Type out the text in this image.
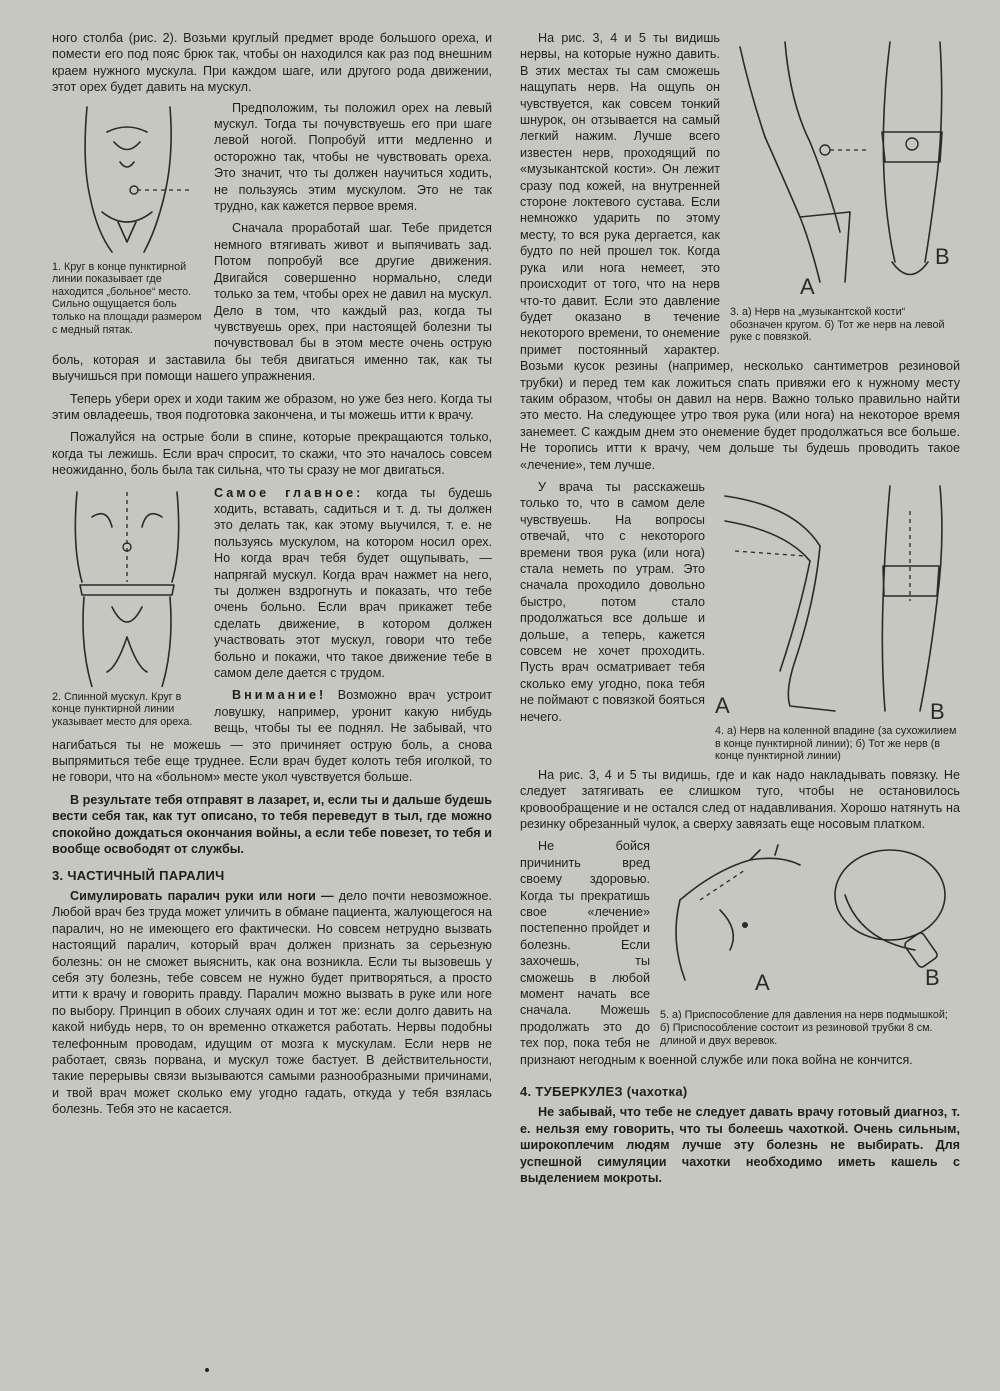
ного столба (рис. 2). Возьми круглый предмет вроде большого ореха, и помести его под пояс брюк так, чтобы он находился как раз под внешним краем нужного мускула. При каждом шаге, или другого рода движении, этот орех будет давить на мускул.

1. Круг в конце пунктирной линии показывает где находится „больное“ место. Сильно ощущается боль только на площади размером с медный пятак.

Предположим, ты положил орех на левый мускул. Тогда ты почувствуешь его при шаге левой ногой. Попробуй итти медленно и осторожно так, чтобы не чувствовать ореха. Это значит, что ты должен научиться ходить, не пользуясь этим мускулом. Это не так трудно, как кажется первое время.

Сначала проработай шаг. Тебе придется немного втягивать живот и выпячивать зад. Потом попробуй все другие движения. Двигайся совершенно нормально, следи только за тем, чтобы орех не давил на мускул. Дело в том, что каждый раз, когда ты чувствуешь орех, при настоящей болезни ты почувствовал бы в этом месте очень острую боль, которая и заставила бы тебя двигаться именно так, как ты выучишься при помощи нашего упражнения.

Теперь убери орех и ходи таким же образом, но уже без него. Когда ты этим овладеешь, твоя подготовка закончена, и ты можешь итти к врачу.

Пожалуйся на острые боли в спине, которые прекращаются только, когда ты лежишь. Если врач спросит, то скажи, что это началось совсем неожиданно, боль была так сильна, что ты сразу не мог двигаться.

2. Спинной мускул. Круг в конце пунктирной линии указывает место для ореха.

Самое главное: когда ты будешь ходить, вставать, садиться и т. д. ты должен это делать так, как этому выучился, т. е. не пользуясь мускулом, на котором носил орех. Но когда врач тебя будет ощупывать, — напрягай мускул. Когда врач нажмет на него, ты должен вздрогнуть и показать, что тебе очень больно. Если врач прикажет тебе сделать движение, в котором должен участвовать этот мускул, говори что тебе больно и покажи, что такое движение тебе в самом деле дается с трудом.

Внимание! Возможно врач устроит ловушку, например, уронит какую нибудь вещь, чтобы ты ее поднял. Не забывай, что нагибаться ты не можешь — это причиняет острую боль, а снова выпрямиться тебе еще труднее. Если врач будет колоть тебя иголкой, то не говори, что на «больном» месте укол чувствуется больше.

В результате тебя отправят в лазарет, и, если ты и дальше будешь вести себя так, как тут описано, то тебя переведут в тыл, где можно спокойно дождаться окончания войны, а если тебе повезет, то тебя и вообще освободят от службы.

3. ЧАСТИЧНЫЙ ПАРАЛИЧ

Симулировать паралич руки или ноги — дело почти невозможное. Любой врач без труда может уличить в обмане пациента, жалующегося на паралич, но не имеющего его фактически. Но совсем нетрудно вызвать настоящий паралич, который врач должен признать за серьезную болезнь: он не сможет выяснить, как она возникла. Если ты вызовешь у себя эту болезнь, тебе совсем не нужно будет притворяться, а просто итти к врачу и говорить правду. Паралич можно вызвать в руке или ноге по выбору. Принцип в обоих случаях один и тот же: если долго давить на какой нибудь нерв, то он временно откажется работать. Нервы подобны телефонным проводам, идущим от мозга к мускулам. Если нерв не работает, связь порвана, и мускул тоже бастует. В действительности, такие перерывы связи вызываются самыми разнообразными причинами, и твой врач может сколько ему угодно гадать, откуда у тебя взялась болезнь. Тебя это не касается.

A
B

3. а) Нерв на „музыкантской кости“ обозначен кругом. б) Тот же нерв на левой руке с повязкой.

На рис. 3, 4 и 5 ты видишь нервы, на которые нужно давить. В этих местах ты сам сможешь нащупать нерв. На ощупь он чувствуется, как совсем тонкий шнурок, он отзывается на самый легкий нажим. Лучше всего известен нерв, проходящий по «музыкантской кости». Он лежит сразу под кожей, на внутренней стороне локтевого сустава. Если немножко ударить по этому месту, то вся рука дергается, как будто по ней прошел ток. Когда рука или нога немеет, это происходит от того, что на нерв что-то давит. Если это давление будет оказано в течение некоторого времени, то онемение примет постоянный характер. Возьми кусок резины (например, несколько сантиметров резиновой трубки) и перед тем как ложиться спать привяжи его к нужному месту таким образом, чтобы он давил на нерв. Важно только правильно найти это место. На следующее утро твоя рука (или нога) на некоторое время занемеет. С каждым днем это онемение будет продолжаться все больше. Не торопись итти к врачу, чем дольше ты будешь проводить такое «лечение», тем лучше.

A	B

4. а) Нерв на коленной впадине (за сухожилием в конце пунктирной линии); б) Тот же нерв (в конце пунктирной линии)

У врача ты расскажешь только то, что в самом деле чувствуешь. На вопросы отвечай, что с некоторого времени твоя рука (или нога) стала неметь по утрам. Это сначала проходило довольно быстро, потом стало продолжаться все дольше и дольше, а теперь, кажется совсем не хочет проходить. Пусть врач осматривает тебя сколько ему угодно, пока тебя не поймают с повязкой бояться нечего.

На рис. 3, 4 и 5 ты видишь, где и как надо накладывать повязку. Не следует затягивать ее слишком туго, чтобы не остановилось кровообращение и не остался след от надавливания. Хорошо натянуть на резинку обрезанный чулок, а сверху завязать еще носовым платком.

A	B

5. а) Приспособление для давления на нерв подмышкой; б) Приспособление состоит из резиновой трубки 8 см. длиной и двух веревок.

Не бойся причинить вред своему здоровью. Когда ты прекратишь свое «лечение» постепенно пройдет и болезнь. Если захочешь, ты сможешь в любой момент начать все сначала. Можешь продолжать это до тех пор, пока тебя не признают негодным к военной службе или пока война не кончится.

4. ТУБЕРКУЛЕЗ (чахотка)

Не забывай, что тебе не следует давать врачу готовый диагноз, т. е. нельзя ему говорить, что ты болеешь чахоткой. Очень сильным, широкоплечим людям лучше эту болезнь не выбирать. Для успешной симуляции чахотки необходимо иметь кашель с выделением мокроты.
